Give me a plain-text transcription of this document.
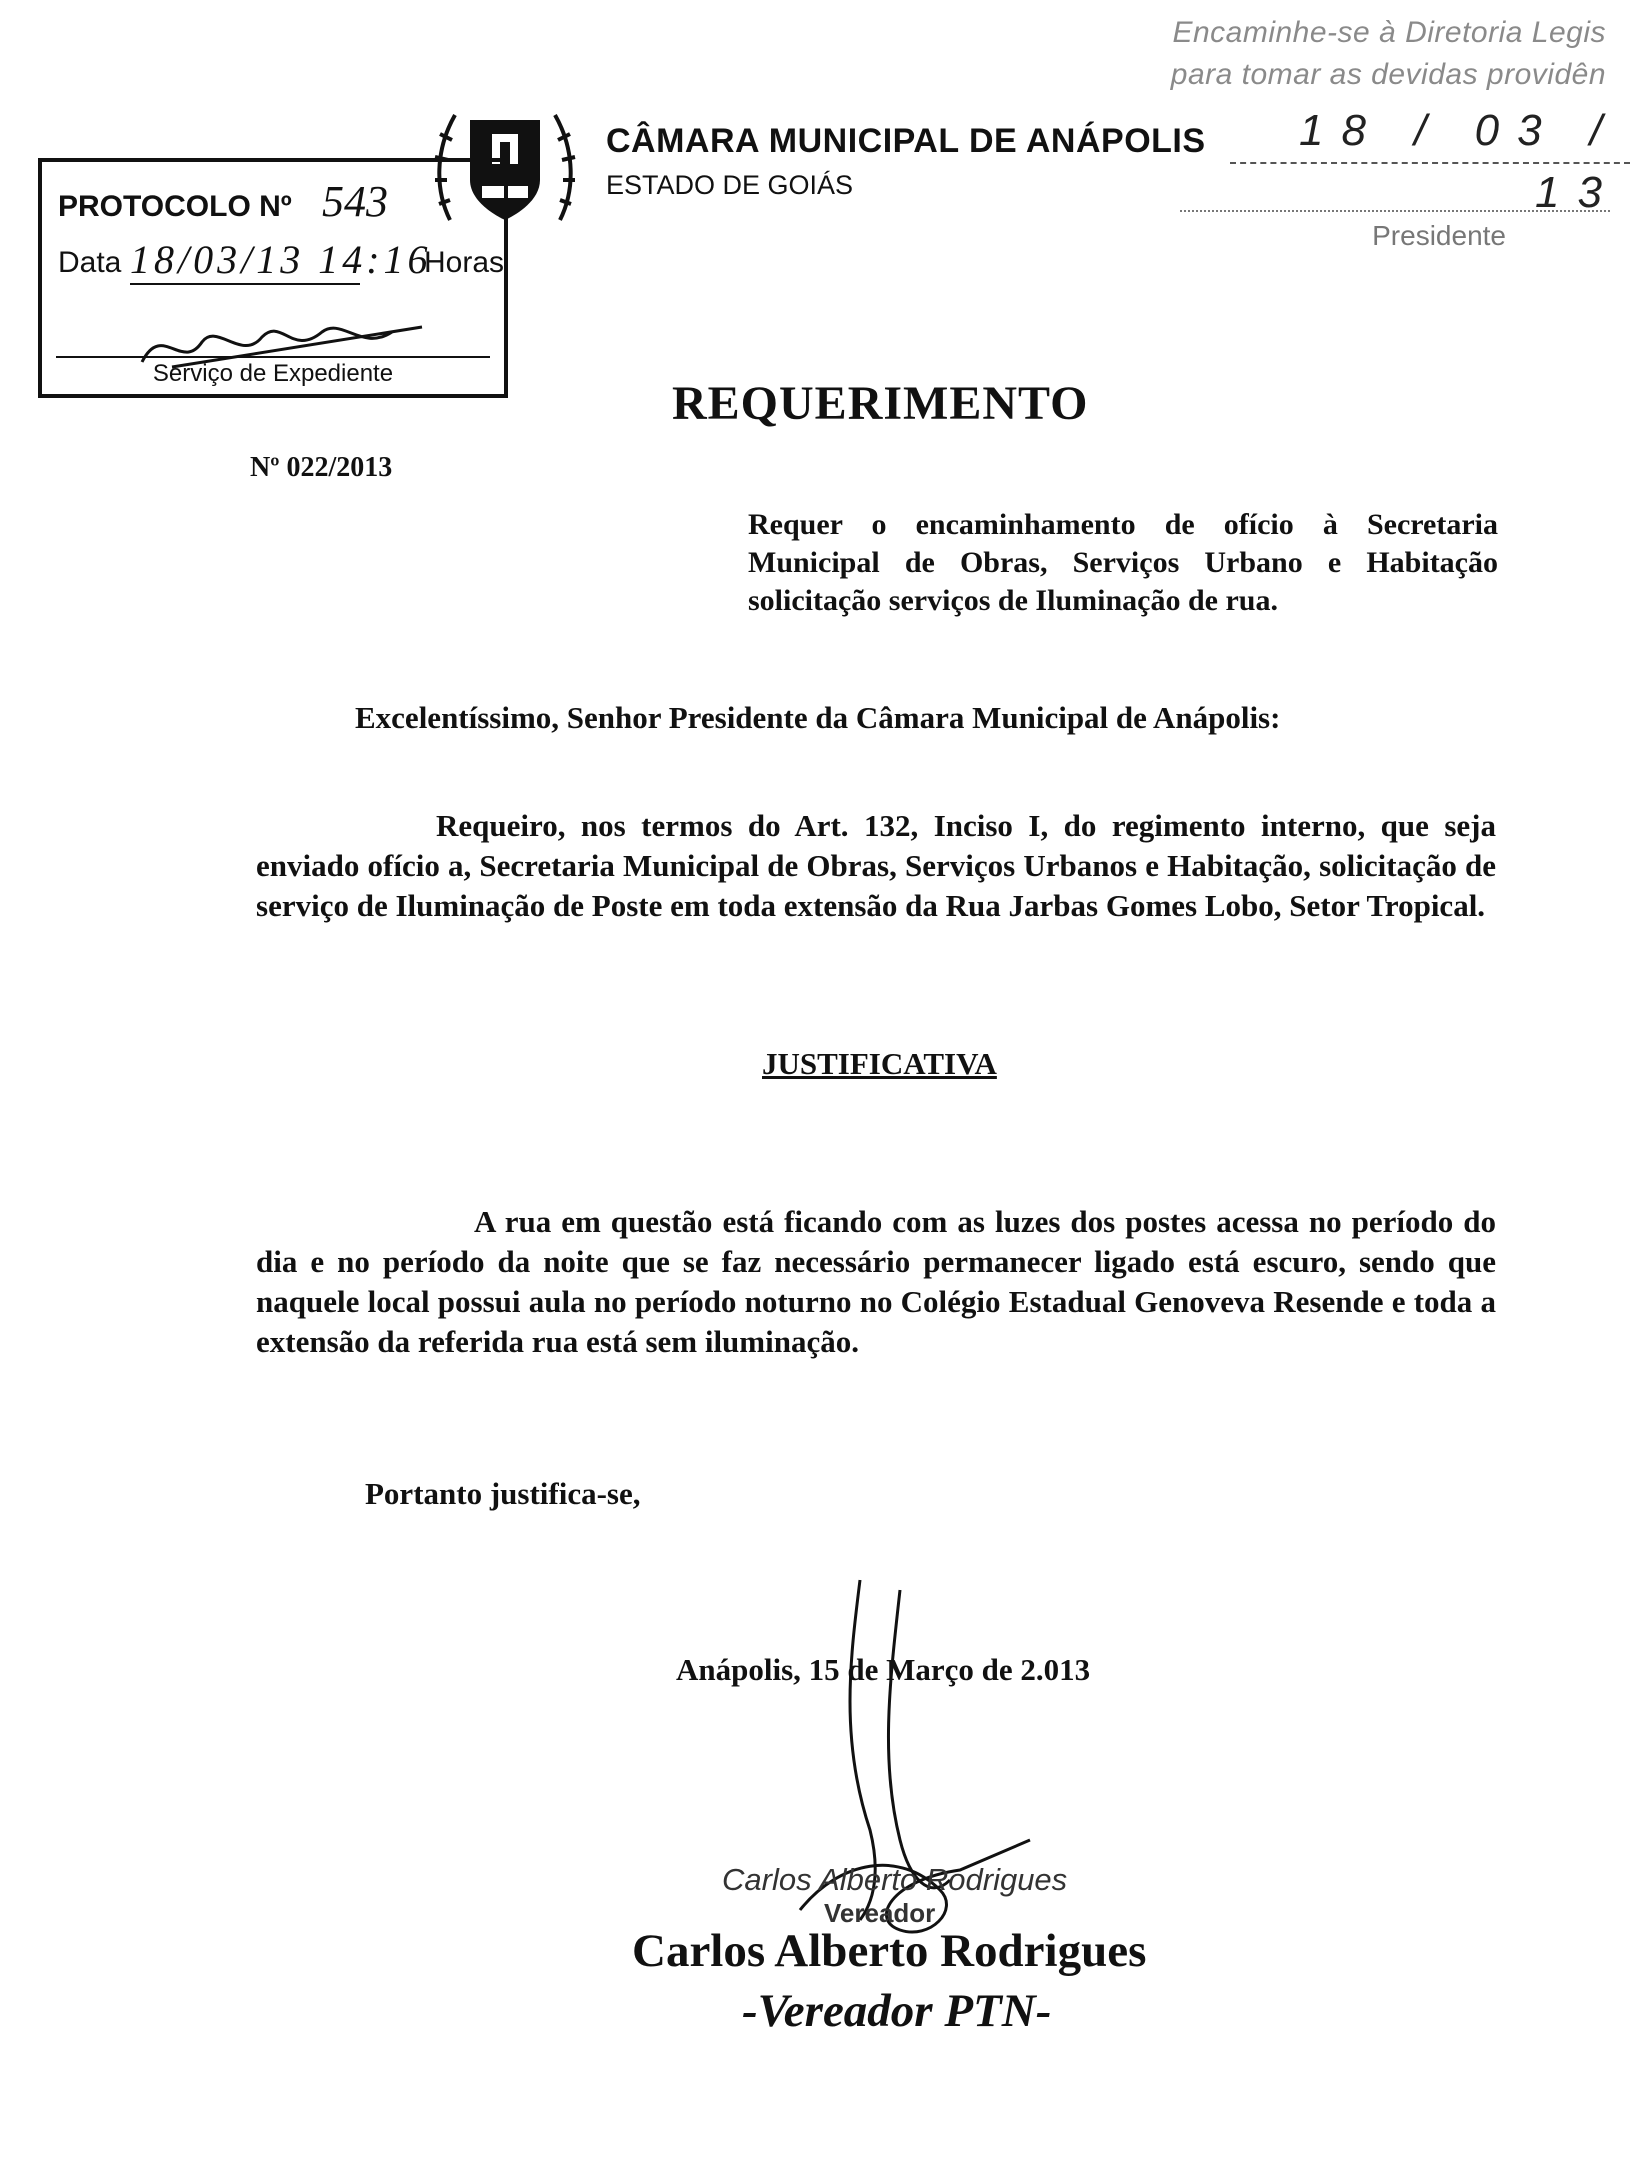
Encaminhe-se à Diretoria Legis
para tomar as devidas providên
18 / 03 / 13
Presidente
CÂMARA MUNICIPAL DE ANÁPOLIS
ESTADO DE GOIÁS
PROTOCOLO Nº 543
Data 18/03/13 14:16
Horas
Serviço de Expediente
REQUERIMENTO
Nº 022/2013
Requer o encaminhamento de ofício à Secretaria Municipal de Obras, Serviços Urbano e Habitação solicitação serviços de Iluminação de rua.
Excelentíssimo, Senhor Presidente da Câmara Municipal de Anápolis:
Requeiro, nos termos do Art. 132, Inciso I, do regimento interno, que seja enviado ofício a, Secretaria Municipal de Obras, Serviços Urbanos e Habitação, solicitação de serviço de Iluminação de Poste em toda extensão da Rua Jarbas Gomes Lobo, Setor Tropical.
JUSTIFICATIVA
A rua em questão está ficando com as luzes dos postes acessa no período do dia e no período da noite que se faz necessário permanecer ligado está escuro, sendo que naquele local possui aula no período noturno no Colégio Estadual Genoveva Resende e toda a extensão da referida rua está sem iluminação.
Portanto justifica-se,
Anápolis, 15 de Março de 2.013
Carlos Alberto Rodrigues
Vereador
Carlos Alberto Rodrigues
-Vereador PTN-
